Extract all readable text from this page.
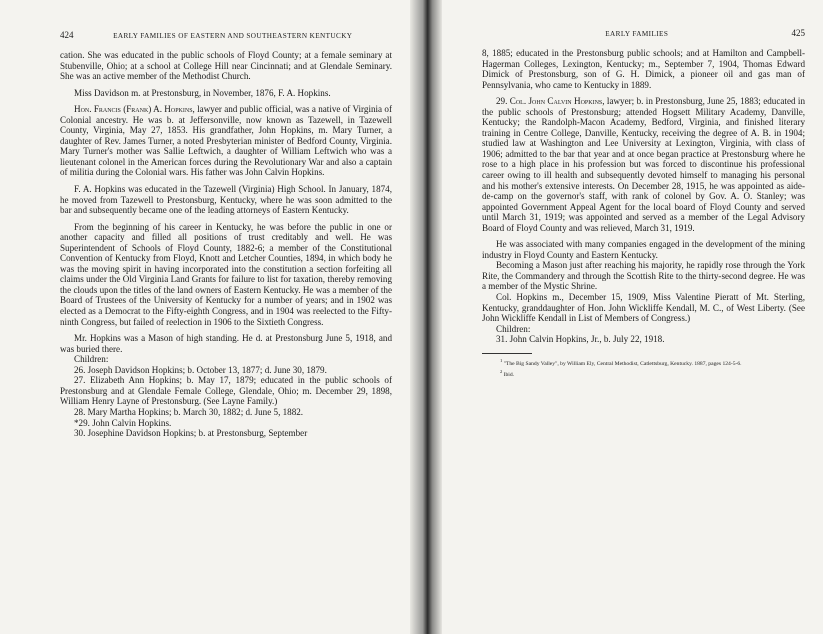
424	EARLY FAMILIES OF EASTERN AND SOUTHEASTERN KENTUCKY

cation. She was educated in the public schools of Floyd County; at a female seminary at Stubenville, Ohio; at a school at College Hill near Cincinnati; and at Glendale Seminary. She was an active member of the Methodist Church.

Miss Davidson m. at Prestonsburg, in November, 1876, F. A. Hopkins.

Hon. Francis (Frank) A. Hopkins, lawyer and public official, was a native of Virginia of Colonial ancestry. He was b. at Jeffersonville, now known as Tazewell, in Tazewell County, Virginia, May 27, 1853. His grandfather, John Hopkins, m. Mary Turner, a daughter of Rev. James Turner, a noted Presbyterian minister of Bedford County, Virginia. Mary Turner's mother was Sallie Leftwich, a daughter of William Leftwich who was a lieutenant colonel in the American forces during the Revolutionary War and also a captain of militia during the Colonial wars. His father was John Calvin Hopkins.

F. A. Hopkins was educated in the Tazewell (Virginia) High School. In January, 1874, he moved from Tazewell to Prestonsburg, Kentucky, where he was soon admitted to the bar and subsequently became one of the leading attorneys of Eastern Kentucky.

From the beginning of his career in Kentucky, he was before the public in one or another capacity and filled all positions of trust creditably and well. He was Superintendent of Schools of Floyd County, 1882-6; a member of the Constitutional Convention of Kentucky from Floyd, Knott and Letcher Counties, 1894, in which body he was the moving spirit in having incorporated into the constitution a section forfeiting all claims under the Old Virginia Land Grants for failure to list for taxation, thereby removing the clouds upon the titles of the land owners of Eastern Kentucky. He was a member of the Board of Trustees of the University of Kentucky for a number of years; and in 1902 was elected as a Democrat to the Fifty-eighth Congress, and in 1904 was reelected to the Fifty-ninth Congress, but failed of reelection in 1906 to the Sixtieth Congress.

Mr. Hopkins was a Mason of high standing. He d. at Prestonsburg June 5, 1918, and was buried there.

Children:

26. Joseph Davidson Hopkins; b. October 13, 1877; d. June 30, 1879.

27. Elizabeth Ann Hopkins; b. May 17, 1879; educated in the public schools of Prestonsburg and at Glendale Female College, Glendale, Ohio; m. December 29, 1898, William Henry Layne of Prestonsburg. (See Layne Family.)

28. Mary Martha Hopkins; b. March 30, 1882; d. June 5, 1882.

*29. John Calvin Hopkins.

30. Josephine Davidson Hopkins; b. at Prestonsburg, September

EARLY FAMILIES	425

8, 1885; educated in the Prestonsburg public schools; and at Hamilton and Campbell-Hagerman Colleges, Lexington, Kentucky; m., September 7, 1904, Thomas Edward Dimick of Prestonsburg, son of G. H. Dimick, a pioneer oil and gas man of Pennsylvania, who came to Kentucky in 1889.

29. Col. John Calvin Hopkins, lawyer; b. in Prestonsburg, June 25, 1883; educated in the public schools of Prestonsburg; attended Hogsett Military Academy, Danville, Kentucky; the Randolph-Macon Academy, Bedford, Virginia, and finished literary training in Centre College, Danville, Kentucky, receiving the degree of A. B. in 1904; studied law at Washington and Lee University at Lexington, Virginia, with class of 1906; admitted to the bar that year and at once began practice at Prestonsburg where he rose to a high place in his profession but was forced to discontinue his professional career owing to ill health and subsequently devoted himself to managing his personal and his mother's extensive interests. On December 28, 1915, he was appointed as aide-de-camp on the governor's staff, with rank of colonel by Gov. A. O. Stanley; was appointed Government Appeal Agent for the local board of Floyd County and served until March 31, 1919; was appointed and served as a member of the Legal Advisory Board of Floyd County and was relieved, March 31, 1919.

He was associated with many companies engaged in the development of the mining industry in Floyd County and Eastern Kentucky.

Becoming a Mason just after reaching his majority, he rapidly rose through the York Rite, the Commandery and through the Scottish Rite to the thirty-second degree. He was a member of the Mystic Shrine.

Col. Hopkins m., December 15, 1909, Miss Valentine Pieratt of Mt. Sterling, Kentucky, granddaughter of Hon. John Wickliffe Kendall, M. C., of West Liberty. (See John Wickliffe Kendall in List of Members of Congress.)

Children:

31. John Calvin Hopkins, Jr., b. July 22, 1918.

$^1$ "The Big Sandy Valley", by William Ely, Central Methodist, Catlettsburg, Kentucky. 1887, pages 124-5-6.

$^2$ Ibid.
